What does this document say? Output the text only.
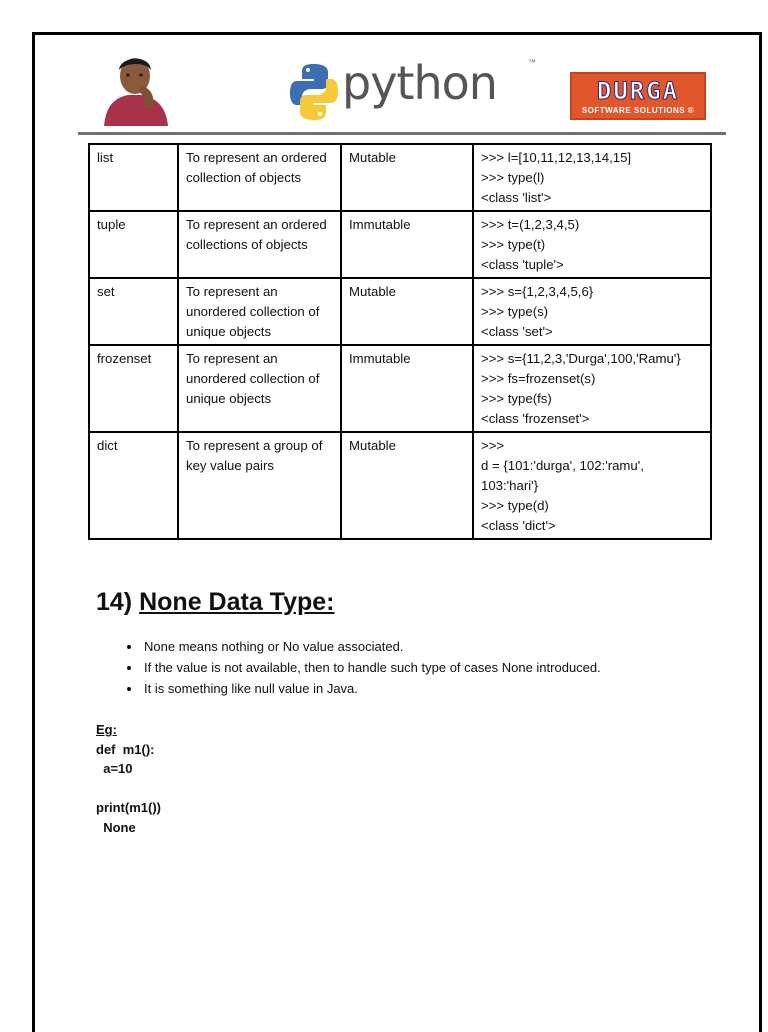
python	™
DURGA
SOFTWARE SOLUTIONS ®
list	To represent an ordered collection of objects	Mutable	>>> l=[10,11,12,13,14,15]
>>> type(l)
<class 'list'>

tuple	To represent an ordered collections of objects	Immutable	>>> t=(1,2,3,4,5)
>>> type(t)
<class 'tuple'>

set	To represent an unordered collection of unique objects	Mutable	>>> s={1,2,3,4,5,6}
>>> type(s)
<class 'set'>

frozenset	To represent an unordered collection of unique objects	Immutable	>>> s={11,2,3,'Durga',100,'Ramu'}
>>> fs=frozenset(s)
>>> type(fs)
<class 'frozenset'>

dict	To represent a group of key value pairs	Mutable	>>>
d = {101:'durga', 102:'ramu',
103:'hari'}
>>> type(d)
<class 'dict'>
14) None Data Type:
• None means nothing or No value associated.
• If the value is not available, then to handle such type of cases None introduced.
• It is something like null value in Java.
Eg:
def  m1():
a=10
print(m1())
None
